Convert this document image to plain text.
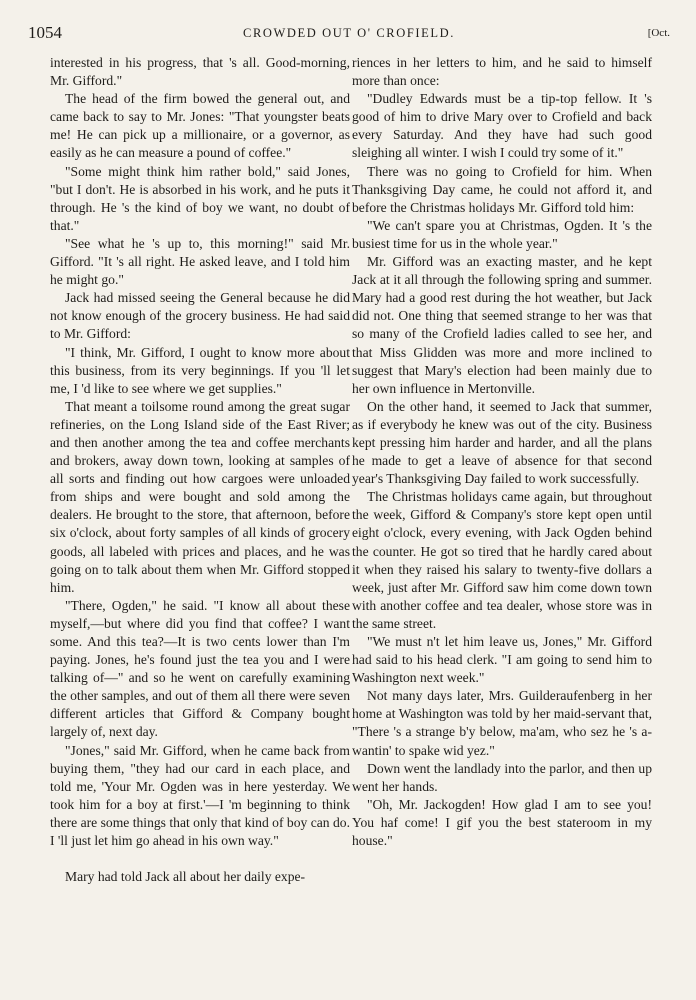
1054	CROWDED OUT O' CROFIELD.	[Oct.

interested in his progress, that 's all. Good-morning, Mr. Gifford."

The head of the firm bowed the general out, and came back to say to Mr. Jones: "That youngster beats me! He can pick up a millionaire, or a governor, as easily as he can measure a pound of coffee."

"Some might think him rather bold," said Jones, "but I don't. He is absorbed in his work, and he puts it through. He 's the kind of boy we want, no doubt of that."

"See what he 's up to, this morning!" said Mr. Gifford. "It 's all right. He asked leave, and I told him he might go."

Jack had missed seeing the General because he did not know enough of the grocery business. He had said to Mr. Gifford:

"I think, Mr. Gifford, I ought to know more about this business, from its very beginnings. If you 'll let me, I 'd like to see where we get supplies."

That meant a toilsome round among the great sugar refineries, on the Long Island side of the East River; and then another among the tea and coffee merchants and brokers, away down town, looking at samples of all sorts and finding out how cargoes were unloaded from ships and were bought and sold among the dealers. He brought to the store, that afternoon, before six o'clock, about forty samples of all kinds of grocery goods, all labeled with prices and places, and he was going on to talk about them when Mr. Gifford stopped him.

"There, Ogden," he said. "I know all about these myself,—but where did you find that coffee? I want some. And this tea?—It is two cents lower than I'm paying. Jones, he's found just the tea you and I were talking of—" and so he went on carefully examining the other samples, and out of them all there were seven different articles that Gifford & Company bought largely of, next day.

"Jones," said Mr. Gifford, when he came back from buying them, "they had our card in each place, and told me, 'Your Mr. Ogden was in here yesterday. We took him for a boy at first.'—I 'm beginning to think there are some things that only that kind of boy can do. I 'll just let him go ahead in his own way."

Mary had told Jack all about her daily expe-

riences in her letters to him, and he said to himself more than once:

"Dudley Edwards must be a tip-top fellow. It 's good of him to drive Mary over to Crofield and back every Saturday. And they have had such good sleighing all winter. I wish I could try some of it."

There was no going to Crofield for him. When Thanksgiving Day came, he could not afford it, and before the Christmas holidays Mr. Gifford told him:

"We can't spare you at Christmas, Ogden. It 's the busiest time for us in the whole year."

Mr. Gifford was an exacting master, and he kept Jack at it all through the following spring and summer. Mary had a good rest during the hot weather, but Jack did not. One thing that seemed strange to her was that so many of the Crofield ladies called to see her, and that Miss Glidden was more and more inclined to suggest that Mary's election had been mainly due to her own influence in Mertonville.

On the other hand, it seemed to Jack that summer, as if everybody he knew was out of the city. Business kept pressing him harder and harder, and all the plans he made to get a leave of absence for that second year's Thanksgiving Day failed to work successfully.

The Christmas holidays came again, but throughout the week, Gifford & Company's store kept open until eight o'clock, every evening, with Jack Ogden behind the counter. He got so tired that he hardly cared about it when they raised his salary to twenty-five dollars a week, just after Mr. Gifford saw him come down town with another coffee and tea dealer, whose store was in the same street.

"We must n't let him leave us, Jones," Mr. Gifford had said to his head clerk. "I am going to send him to Washington next week."

Not many days later, Mrs. Guilderaufenberg in her home at Washington was told by her maid-servant that, "There 's a strange b'y below, ma'am, who sez he 's a-wantin' to spake wid yez."

Down went the landlady into the parlor, and then up went her hands.

"Oh, Mr. Jackogden! How glad I am to see you! You haf come! I gif you the best stateroom in my house."
